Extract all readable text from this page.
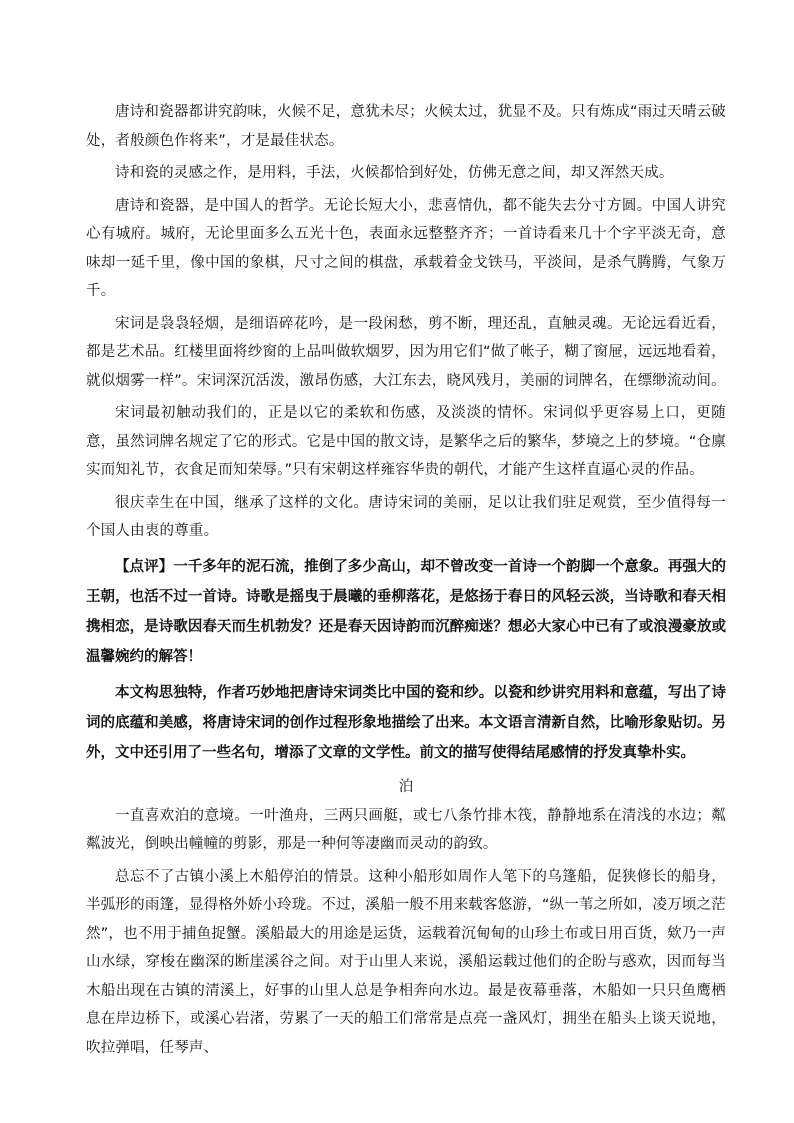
唐诗和瓷器都讲究韵味，火候不足，意犹未尽；火候太过，犹显不及。只有炼成“雨过天晴云破处，者般颜色作将来”，才是最佳状态。

诗和瓷的灵感之作，是用料，手法，火候都恰到好处，仿佛无意之间，却又浑然天成。

唐诗和瓷器，是中国人的哲学。无论长短大小，悲喜情仇，都不能失去分寸方圆。中国人讲究心有城府。城府，无论里面多么五光十色，表面永远整整齐齐；一首诗看来几十个字平淡无奇，意味却一延千里，像中国的象棋，尺寸之间的棋盘，承载着金戈铁马，平淡间，是杀气腾腾，气象万千。

宋词是袅袅轻烟，是细语碎花吟，是一段闲愁，剪不断，理还乱，直触灵魂。无论远看近看，都是艺术品。红楼里面将纱窗的上品叫做软烟罗，因为用它们“做了帐子，糊了窗屉，远远地看着，就似烟雾一样”。宋词深沉活泼，激昂伤感，大江东去，晓风残月，美丽的词牌名，在缥缈流动间。

宋词最初触动我们的，正是以它的柔软和伤感，及淡淡的情怀。宋词似乎更容易上口，更随意，虽然词牌名规定了它的形式。它是中国的散文诗，是繁华之后的繁华，梦境之上的梦境。“仓廪实而知礼节，衣食足而知荣辱。”只有宋朝这样雍容华贵的朝代，才能产生这样直逼心灵的作品。

很庆幸生在中国，继承了这样的文化。唐诗宋词的美丽，足以让我们驻足观赏，至少值得每一个国人由衷的尊重。

【点评】一千多年的泥石流，推倒了多少高山，却不曾改变一首诗一个韵脚一个意象。再强大的王朝，也活不过一首诗。诗歌是摇曳于晨曦的垂柳落花，是悠扬于春日的风轻云淡，当诗歌和春天相携相恋，是诗歌因春天而生机勃发？还是春天因诗韵而沉醉痴迷？想必大家心中已有了或浪漫豪放或温馨婉约的解答！

本文构思独特，作者巧妙地把唐诗宋词类比中国的瓷和纱。以瓷和纱讲究用料和意蕴，写出了诗词的底蕴和美感，将唐诗宋词的创作过程形象地描绘了出来。本文语言清新自然，比喻形象贴切。另外，文中还引用了一些名句，增添了文章的文学性。前文的描写使得结尾感情的抒发真挚朴实。

泊

一直喜欢泊的意境。一叶渔舟，三两只画艇，或七八条竹排木筏，静静地系在清浅的水边；粼粼波光，倒映出幢幢的剪影，那是一种何等凄幽而灵动的韵致。

总忘不了古镇小溪上木船停泊的情景。这种小船形如周作人笔下的乌篷船，促狭修长的船身，半弧形的雨篷，显得格外娇小玲珑。不过，溪船一般不用来载客悠游，“纵一苇之所如，凌万顷之茫然”，也不用于捕鱼捉蟹。溪船最大的用途是运货，运载着沉甸甸的山珍土布或日用百货，欸乃一声山水绿，穿梭在幽深的断崖溪谷之间。对于山里人来说，溪船运载过他们的企盼与惑欢，因而每当木船出现在古镇的清溪上，好事的山里人总是争相奔向水边。最是夜幕垂落，木船如一只只鱼鹰栖息在岸边桥下，或溪心岩渚，劳累了一天的船工们常常是点亮一盏风灯，拥坐在船头上谈天说地，吹拉弹唱，任琴声、
